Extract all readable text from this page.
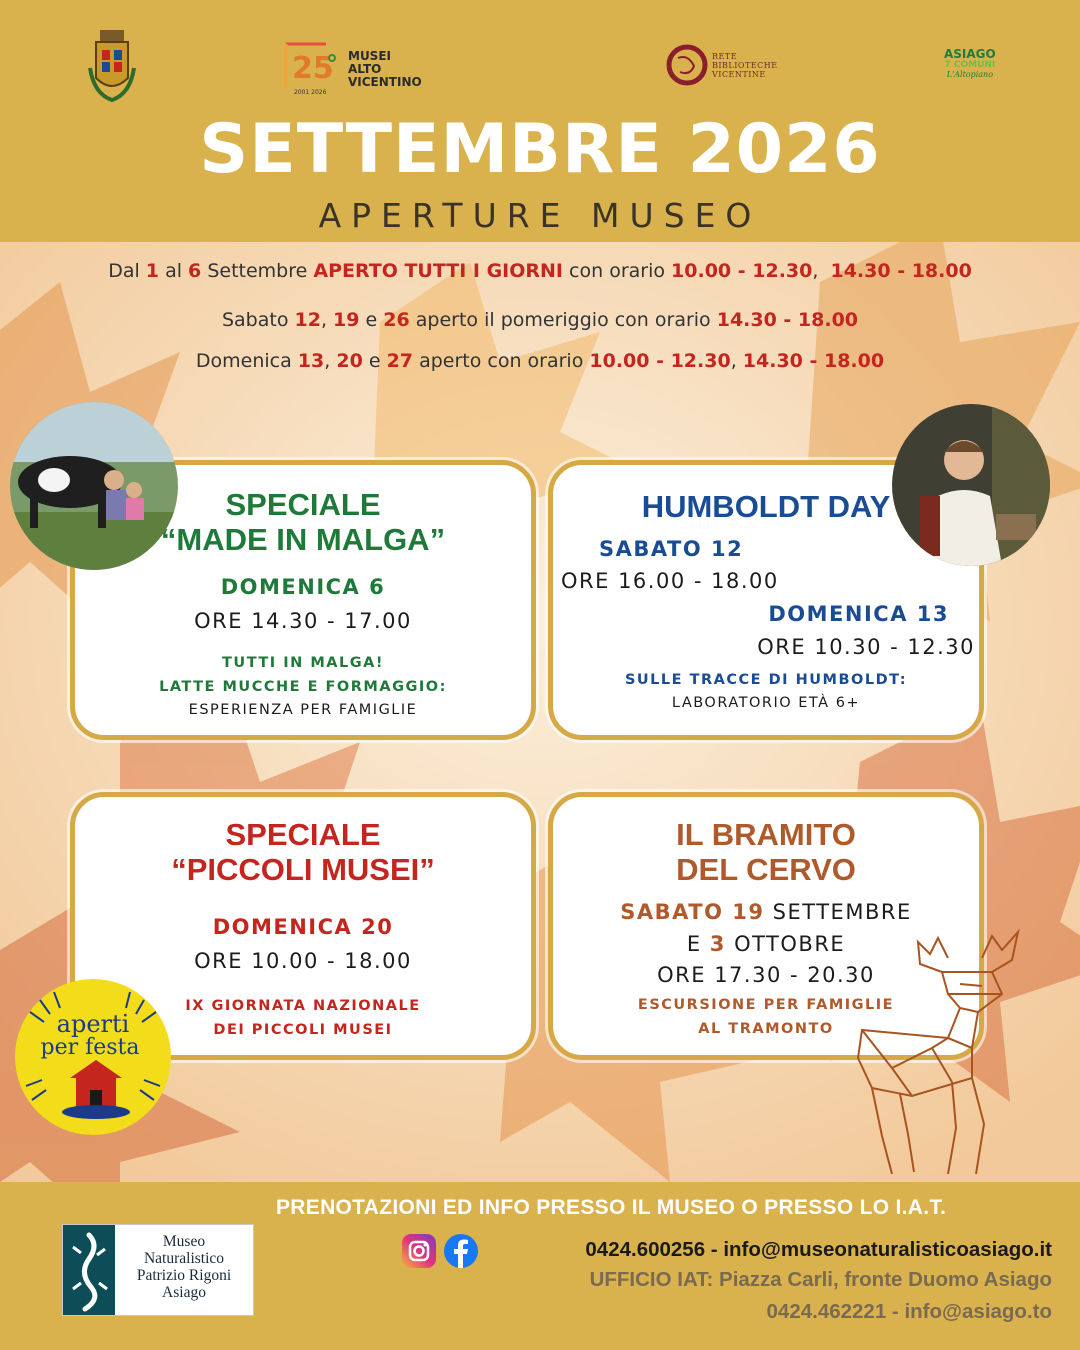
25
2001 2026
MUSEI
ALTO
VICENTINO
RETE
BIBLIOTECHE
VICENTINE
ASIAGO
7 COMUNI
L'Altopiano
SETTEMBRE 2026
APERTURE MUSEO
Dal 1 al 6 Settembre APERTO TUTTI I GIORNI con orario 10.00 - 12.30,  14.30 - 18.00
Sabato 12, 19 e 26 aperto il pomeriggio con orario 14.30 - 18.00
Domenica 13, 20 e 27 aperto con orario 10.00 - 12.30, 14.30 - 18.00
SPECIALE
“MADE IN MALGA”
DOMENICA 6
ORE 14.30 - 17.00
TUTTI IN MALGA!
LATTE MUCCHE E FORMAGGIO:
ESPERIENZA PER FAMIGLIE
HUMBOLDT DAY
SABATO 12
ORE 16.00 - 18.00
DOMENICA 13
ORE 10.30 - 12.30
SULLE TRACCE DI HUMBOLDT:
LABORATORIO ETÀ 6+
SPECIALE
“PICCOLI MUSEI”
DOMENICA 20
ORE 10.00 - 18.00
IX GIORNATA NAZIONALE
DEI PICCOLI MUSEI
IL BRAMITO
DEL CERVO
SABATO 19 SETTEMBRE
E 3 OTTOBRE
ORE 17.30 - 20.30
ESCURSIONE PER FAMIGLIE
AL TRAMONTO
aperti
per festa
PRENOTAZIONI ED INFO PRESSO IL MUSEO O PRESSO LO I.A.T.
Museo
Naturalistico
Patrizio Rigoni
Asiago
0424.600256 - info@museonaturalisticoasiago.it
UFFICIO IAT: Piazza Carli, fronte Duomo Asiago
0424.462221 - info@asiago.to
